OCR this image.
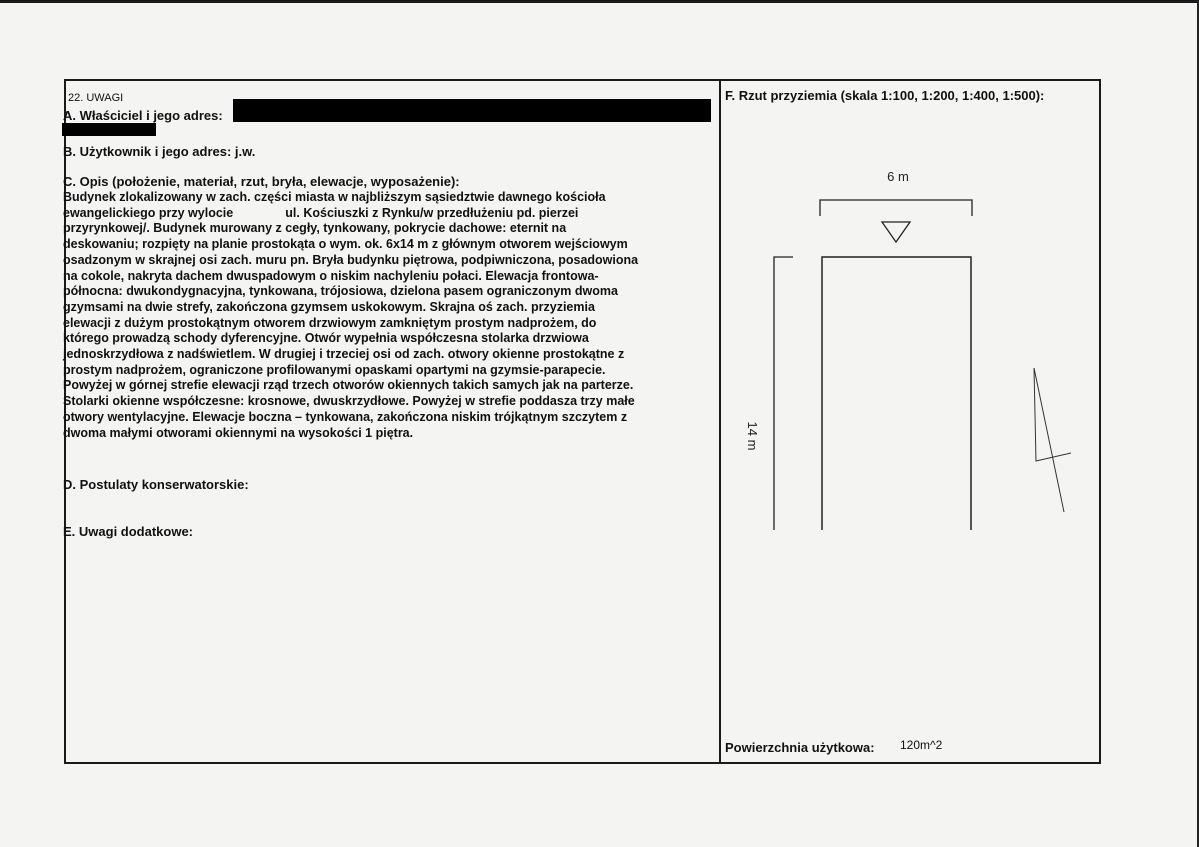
22. UWAGI
A. Właściciel i jego adres:
B. Użytkownik i jego adres: j.w.
C. Opis (położenie, materiał, rzut, bryła, elewacje, wyposażenie):
Budynek zlokalizowany w zach. części miasta w najbliższym sąsiedztwie dawnego kościoła
ewangelickiego przy wylocie               ul. Kościuszki z Rynku/w przedłużeniu pd. pierzei
przyrynkowej/. Budynek murowany z cegły, tynkowany, pokrycie dachowe: eternit na
deskowaniu; rozpięty na planie prostokąta o wym. ok. 6x14 m z głównym otworem wejściowym
osadzonym w skrajnej osi zach. muru pn. Bryła budynku piętrowa, podpiwniczona, posadowiona
na cokole, nakryta dachem dwuspadowym o niskim nachyleniu połaci. Elewacja frontowa-
północna: dwukondygnacyjna, tynkowana, trójosiowa, dzielona pasem ograniczonym dwoma
gzymsami na dwie strefy, zakończona gzymsem uskokowym. Skrajna oś zach. przyziemia
elewacji z dużym prostokątnym otworem drzwiowym zamkniętym prostym nadprożem, do
którego prowadzą schody dyferencyjne. Otwór wypełnia współczesna stolarka drzwiowa
jednoskrzydłowa z nadświetlem. W drugiej i trzeciej osi od zach. otwory okienne prostokątne z
prostym nadprożem, ograniczone profilowanymi opaskami opartymi na gzymsie-parapecie.
Powyżej w górnej strefie elewacji rząd trzech otworów okiennych takich samych jak na parterze.
Stolarki okienne współczesne: krosnowe, dwuskrzydłowe. Powyżej w strefie poddasza trzy małe
otwory wentylacyjne. Elewacje boczna – tynkowana, zakończona niskim trójkątnym szczytem z
dwoma małymi otworami okiennymi na wysokości 1 piętra.
D. Postulaty konserwatorskie:
E. Uwagi dodatkowe:
F. Rzut przyziemia (skala 1:100, 1:200, 1:400, 1:500):
6 m
14 m
Powierzchnia użytkowa: 120m^2
